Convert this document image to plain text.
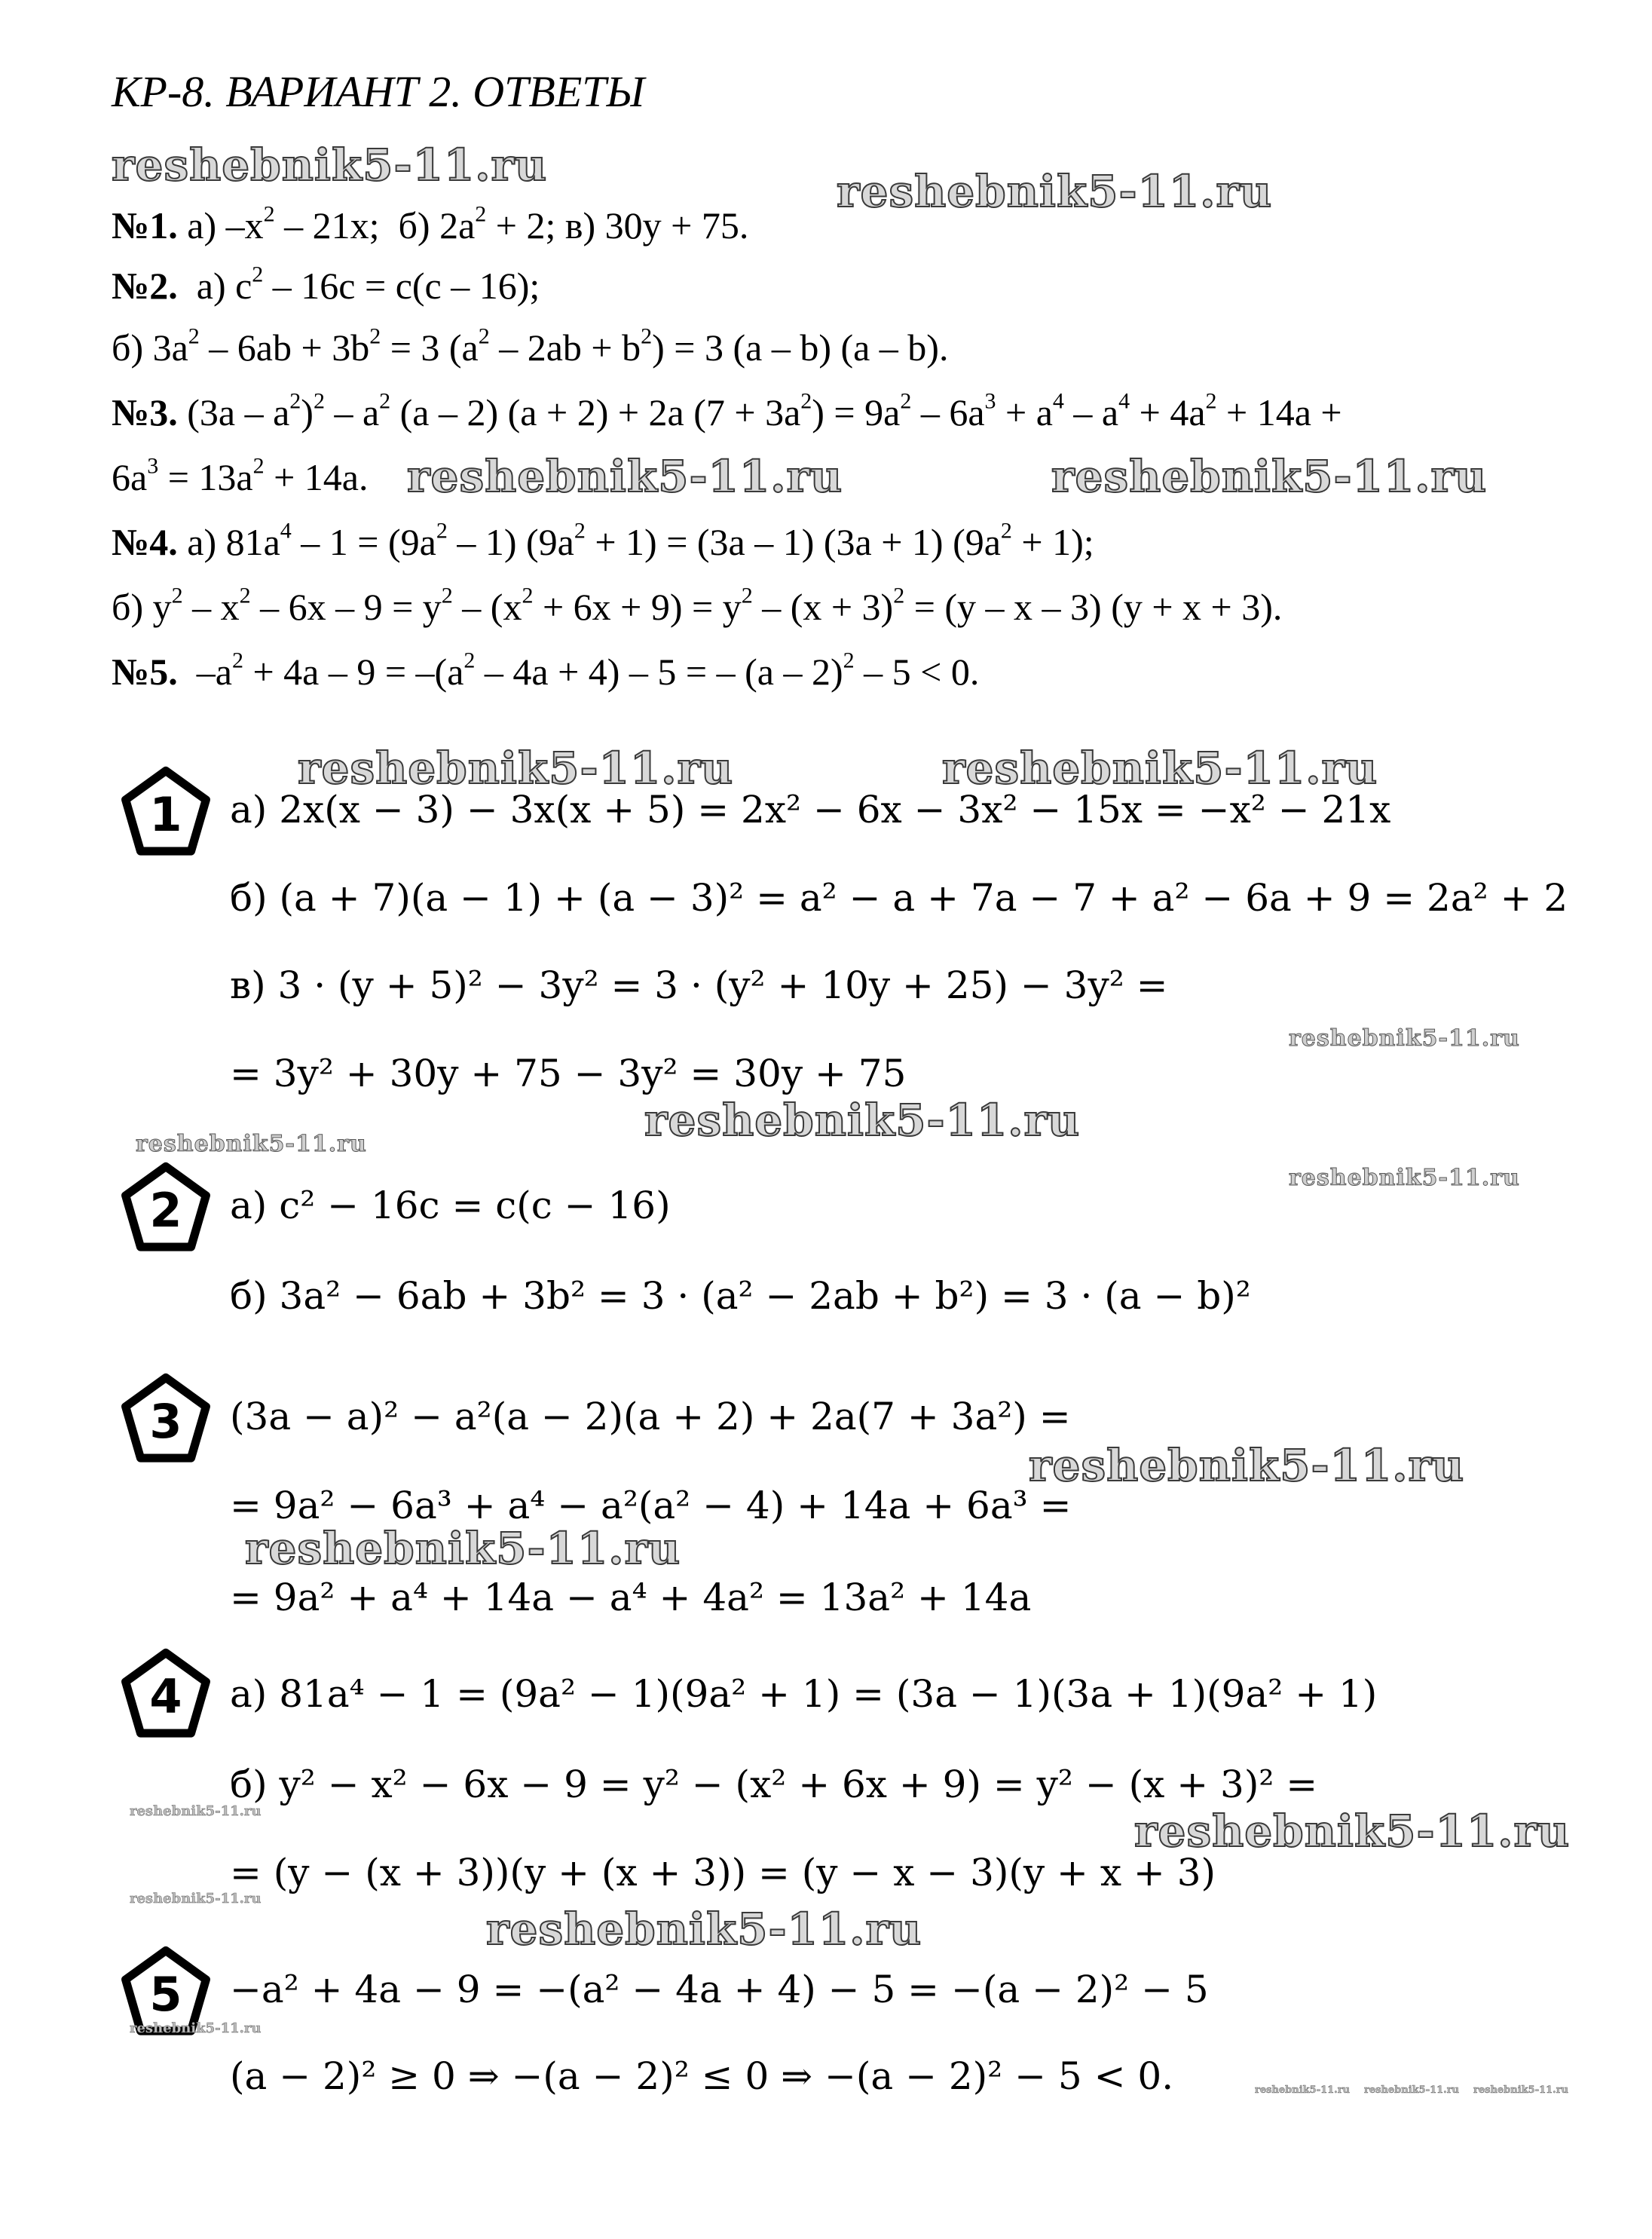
КР-8. ВАРИАНТ 2. ОТВЕТЫ
№1. а) $-x^2 - 21x$;  б) $2a^2 + 2$; в) 30y + 75.
№2.  а) $c^2 - 16c = c(c - 16)$;
б) $3a^2 - 6ab + 3b^2 = 3$ $(a^2 - 2ab + b^2) = 3$ (a – b) (a – b).
№3. $(3a - a^2)^2 - a^2$ (a – 2) (a + 2) + 2a $(7 + 3a^2) = 9a^2 - 6a^3 + a^4 - a^4 + 4a^2 + 14a$ +
$6a^3 = 13a^2 + 14a$.
№4. а) $81a^4 - 1 = (9a^2 - 1) (9a^2 + 1) = (3a - 1) (3a + 1) (9a^2 + 1)$;
б) $y^2 - x^2 - 6x - 9 = y^2 - (x^2 + 6x + 9) = y^2 - (x + 3)^2 = (y - x - 3) (y + x + 3)$.
№5.  $-a^2 + 4a - 9 = -(a^2 - 4a + 4) - 5$ = – (a – 2)$^2$ – 5 < 0.
1
2
3
4
5
а) 2x(x − 3) − 3x(x + 5) = 2x² − 6x − 3x² − 15x = −x² − 21x
б) (a + 7)(a − 1) + (a − 3)² = a² − a + 7a − 7 + a² − 6a + 9 = 2a² + 2
в) 3 · (y + 5)² − 3y² = 3 · (y² + 10y + 25) − 3y² =
= 3y² + 30y + 75 − 3y² = 30y + 75
а) c² − 16c = c(c − 16)
б) 3a² − 6ab + 3b² = 3 · (a² − 2ab + b²) = 3 · (a − b)²
(3a − a)² − a²(a − 2)(a + 2) + 2a(7 + 3a²) =
= 9a² − 6a³ + a⁴ − a²(a² − 4) + 14a + 6a³ =
= 9a² + a⁴ + 14a − a⁴ + 4a² = 13a² + 14a
а) 81a⁴ − 1 = (9a² − 1)(9a² + 1) = (3a − 1)(3a + 1)(9a² + 1)
б) y² − x² − 6x − 9 = y² − (x² + 6x + 9) = y² − (x + 3)² =
= (y − (x + 3))(y + (x + 3)) = (y − x − 3)(y + x + 3)
−a² + 4a − 9 = −(a² − 4a + 4) − 5 = −(a − 2)² − 5
(a − 2)² ≥ 0 ⇒ −(a − 2)² ≤ 0 ⇒ −(a − 2)² − 5 < 0.
reshebnik5-11.ru
reshebnik5-11.ru
reshebnik5-11.ru	reshebnik5-11.ru
reshebnik5-11.ru	reshebnik5-11.ru
reshebnik5-11.ru
reshebnik5-11.ru
reshebnik5-11.ru
reshebnik5-11.ru
reshebnik5-11.ru
reshebnik5-11.ru
reshebnik5-11.ru	reshebnik5-11.ru
reshebnik5-11.ru
reshebnik5-11.ru
reshebnik5-11.ru
reshebnik5-11.ru reshebnik5-11.ru reshebnik5-11.ru
